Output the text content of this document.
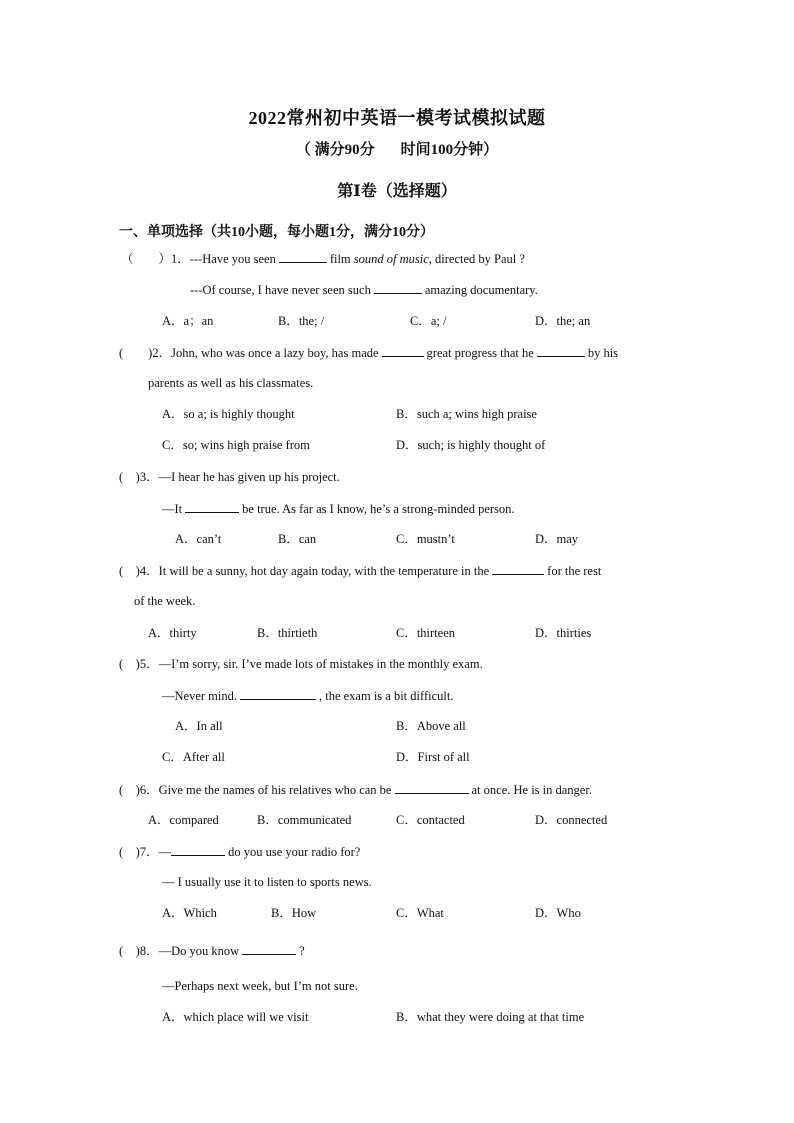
2022常州初中英语一模考试模拟试题
（ 满分90分 时间100分钟）
第Ⅰ卷（选择题）
一、单项选择（共10小题，每小题1分，满分10分）
（　　）1．---Have you seen	film sound of music, directed by Paul ?
---Of course, I have never seen such	amazing documentary.
A．a；an	B．the; /	C．a; /	D．the; an
(　　)2．John, who was once a lazy boy, has made	great progress that he	by his
parents as well as his classmates.
A．so a; is highly thought	B．such a; wins high praise
C．so; wins high praise from	D．such; is highly thought of
(　)3．—I hear he has given up his project.
—It	be true. As far as I know, he’s a strong-minded person.
A．can’t	B．can	C．mustn’t	D．may
(　)4．It will be a sunny, hot day again today, with the temperature in the	for the rest
of the week.
A．thirty	B．thirtieth	C．thirteen	D．thirties
(　)5．—I’m sorry, sir. I’ve made lots of mistakes in the monthly exam.
—Never mind.	, the exam is a bit difficult.
A．In all	B．Above all
C．After all	D．First of all
(　)6．Give me the names of his relatives who can be	at once. He is in danger.
A．compared	B．communicated	C．contacted	D．connected
(　)7．—	do you use your radio for?
— I usually use it to listen to sports news.
A．Which	B．How	C．What	D．Who
(　)8．—Do you know	?
—Perhaps next week, but I’m not sure.
A．which place will we visit	B．what they were doing at that time
